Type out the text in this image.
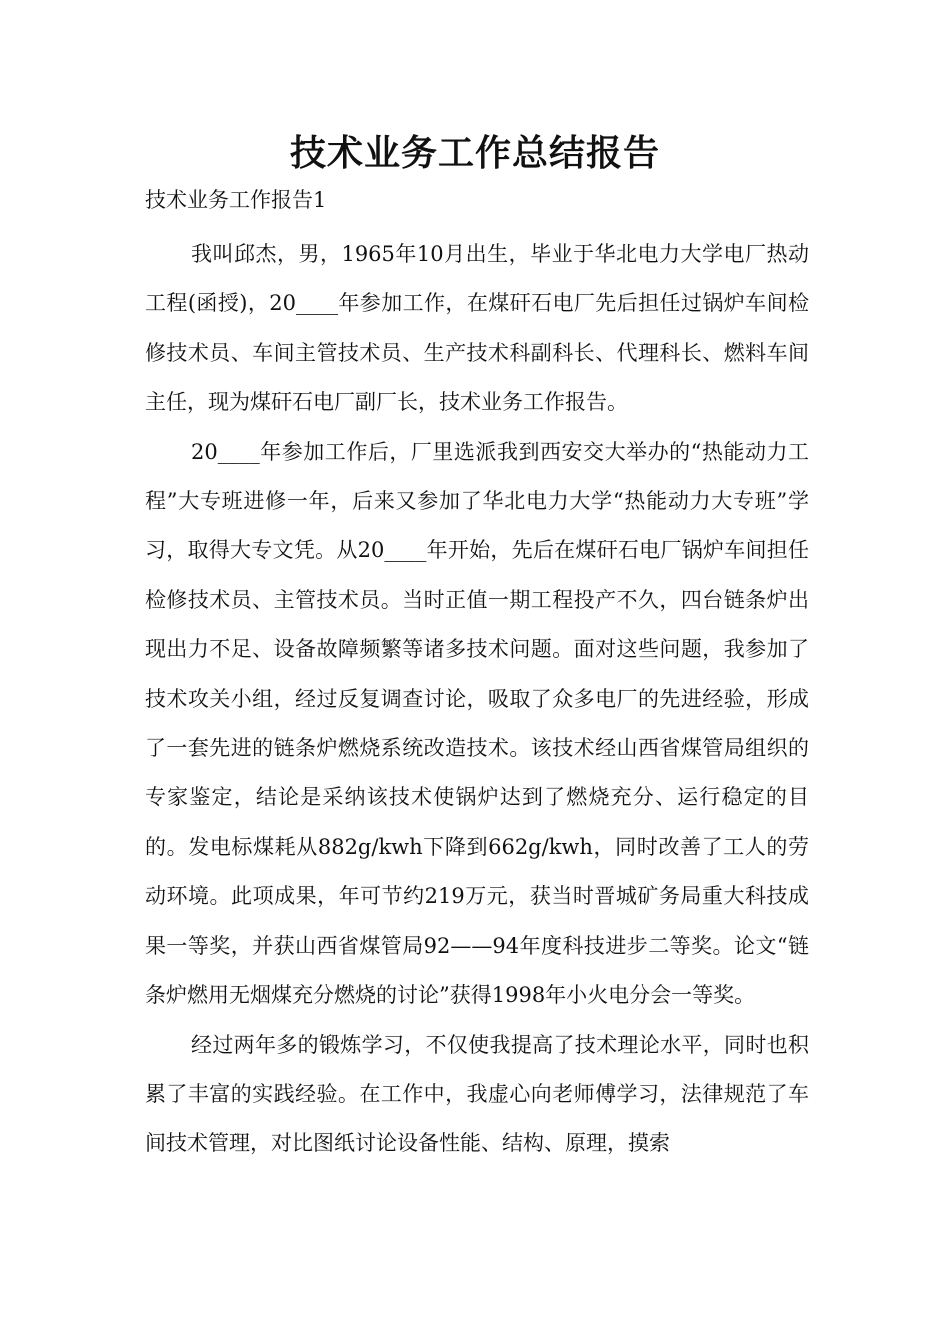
技术业务工作总结报告
技术业务工作报告1

我叫邱杰，男，1965年10月出生，毕业于华北电力大学电厂热动工程(函授)，20____年参加工作，在煤矸石电厂先后担任过锅炉车间检修技术员、车间主管技术员、生产技术科副科长、代理科长、燃料车间主任，现为煤矸石电厂副厂长，技术业务工作报告。

20____年参加工作后，厂里选派我到西安交大举办的“热能动力工程”大专班进修一年，后来又参加了华北电力大学“热能动力大专班”学习，取得大专文凭。从20____年开始，先后在煤矸石电厂锅炉车间担任检修技术员、主管技术员。当时正值一期工程投产不久，四台链条炉出现出力不足、设备故障频繁等诸多技术问题。面对这些问题，我参加了技术攻关小组，经过反复调查讨论，吸取了众多电厂的先进经验，形成了一套先进的链条炉燃烧系统改造技术。该技术经山西省煤管局组织的专家鉴定，结论是采纳该技术使锅炉达到了燃烧充分、运行稳定的目的。发电标煤耗从882g/kwh下降到662g/kwh，同时改善了工人的劳动环境。此项成果，年可节约219万元，获当时晋城矿务局重大科技成果一等奖，并获山西省煤管局92——94年度科技进步二等奖。论文“链条炉燃用无烟煤充分燃烧的讨论”获得1998年小火电分会一等奖。

经过两年多的锻炼学习，不仅使我提高了技术理论水平，同时也积累了丰富的实践经验。在工作中，我虚心向老师傅学习，法律规范了车间技术管理，对比图纸讨论设备性能、结构、原理，摸索
